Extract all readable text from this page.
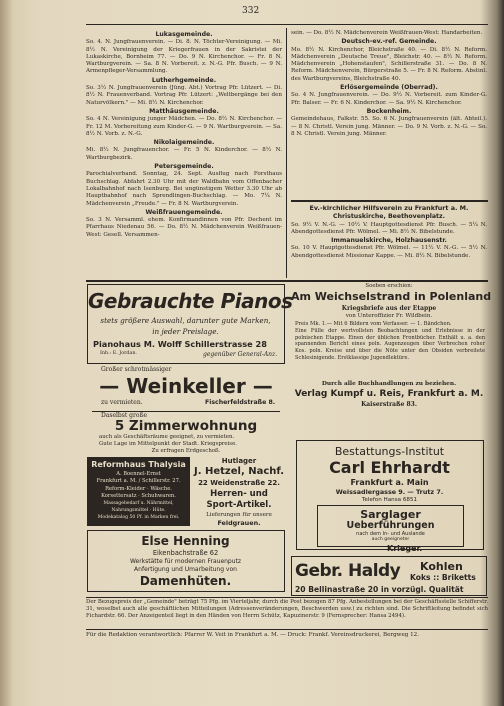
332
Lukasgemeinde.

So. 4. N. Jungfrauenverein. — Di. 8. N. Töchter-Vereinigung. — Mi. 8½ N. Vereinigung der Kriegerfrauen in der Sakristei der Lukaskirche, Bornheim 77. — Do. 9 N. Kirchenchor. — Fr. 8 N. Wartburgverein. — Sa. 8 N. Vorbereit. z. N.-G. Pfr. Busch. — 9 N. Armenpfleger-Versammlung.

Lutherhgemeinde.

So. 3½ N. Jungfrauenverein (Jüng. Abt.) Vortrag Pfr. Lützert. — Di. 8½ N. Frauenverband. Vortrag Pfr. Lützert: „Weltbergänge bei den Naturvölkern." — Mi. 8½ N. Kirchenchor.

Matthäusgemeinde.

So. 4 N. Vereinigung junger Mädchen. — Do. 8½ N. Kirchenchor. — Fr. 12 M. Vorbereitung zum Kinder-G. — 9 N. Wartburgverein. — Sa. 8½ N. Vorb. z. N.-G.

Nikolaigemeinde.

Mi. 8½ N. Jungfrauenchor. — Fr. 5 N. Kinderchor. — 8½ N. Wartburgbezirk.

Petersgemeinde.

Parochialverband. Sonntag, 24. Sept. Ausflug nach Forsthaus Buchschlag. Abfahrt 2.30 Uhr mit der Waldbahn vom Offenbacher Lokalbahnhof nach Isenburg. Bei ungünstigem Wetter 3.30 Uhr ab Hauptbahnhof nach Sprendlingen-Buchschlag. — Mo. 7¼ N. Mädchenverein „Freude." — Fr. 8 N. Wartburgverein.

Weißfrauengemeinde.

So. 3 N. Versamml. ehem. Konfirmandinnen von Pfr. Dechent im Pfarrhaus Niedenau 56. — Do. 8½ N. Mädchenverein Weißfrauen-West: Gesell. Versammen-

sein. — Do. 8½ N. Mädchenverein Weißfrauen-West: Handarbeiten.

Deutsch-ev.-ref. Gemeinde.

Mo. 8½ N. Kirchenchor, Bleichstraße 40. — Di. 8½ N. Reform. Mädchenverein „Deutsche Treue", Bleichstr. 40. — 8½ N. Reform. Mädchenverein „Hohenstaufen", Schillerstraße 31. — Do. 8 N. Reform. Mädchenverein, Bürgerstraße 5. — Fr. 8 N. Reform. Abstinl. des Wartburgvereins, Bleichstraße 40.

Erlösergemeinde (Oberrad).

So. 4 N. Jungfrauenverein. — Do. 9½ N. Vorbereit. zum Kinder-G. Pfr. Balser. — Fr. 6 N. Kinderchor. — Sa. 9½ N. Kirchenchor.

Bockenheim.

Gemeindehaus, Falkstr. 55. So. 6 N. Jungfrauenverein (ält. Abteil.). — 8 N. Christl. Verein jung. Männer. — Do. 9 N. Vorb. z. N.-G. — So. 8 N. Christl. Verein jung. Männer.

Ev.-kirchlicher Hilfsverein zu Frankfurt a. M.
Christuskirche, Beethovenplatz.

So. 9½ V. N.-G. — 10½ V. Hauptgottesdienst Pfr. Busch. — 5¼ N. Abendgottesdienst Pfr. Wölmel. — Mi. 8½ N. Bibelstunde.

Immanuelskirche, Holzhausenstr.

So. 10 V. Hauptgottesdienst Pfr. Wölmel. — 11½ V. N.-G. — 5½ N. Abendgottesdienst Missionar Kappe. — Mi. 8½ N. Bibelstunde.

Gebrauchte Pianos
stets größere Auswahl, darunter gute Marken,
in jeder Preislage.
Pianohaus M. Wolff Schillerstrasse 28
Inh.: E. Jordan.	gegenüber General-Anz.
Großer schrotmässiger
— Weinkeller —
zu vermieten.	Fischerfeldstraße 8.
Daselbst große
5 Zimmerwohnung
auch als Geschäftsräume geeignet, zu vermieten.
Gute Lage im Mittelpunkt der Stadt. Kriegspreise.
Zu erfragen Erdgeschoß.
Reformhaus Thalysia
A. Boennel-Ernst
Frankfurt a. M. / Schillerstr. 27.
Reform-Kleider · Wäsche.
Korsettersatz · Schuhwaren.
Massagebedarf u. Nährmittel,
Nahrungsmittel · Hüte.
Modekatalog 50 Pf. in Marken frei.
Hutlager
J. Hetzel, Nachf.
22 Weidenstraße 22.
Herren- und
Sport-Artikel.
Lieferungen für unsere
Feldgrauen.
Else Henning
Eikenbachstraße 62
Werkstätte für modernen Frauenputz
Anfertigung und Umarbeitung von
Damenhüten.
Soeben erschien:
Am Weichselstrand in Polenland
Kriegsbriefe aus der Etappe
von Unteroffizier Fr. Wildbein.
Preis Mk. 1.— Mit 6 Bildern vom Verfasser. — 1. Bändchen.
Eine Fülle der wertvollsten Beobachtungen und Erlebnisse in der polnischen Etappe. Einen der üblichen Frontbücher. Enthält u. a. den spannenden Bericht eines poln. Augenzeugen über Verbrechen roher Kos. poln. Kreise und über die Nöte unter den Obsiden verbreitete Schlesinigende. Erstklassige Jugendlektüre.
Durch alle Buchhandlungen zu beziehen.
Verlag Kumpf u. Reis, Frankfurt a. M.
Kaiserstraße 83.
Bestattungs-Institut
Carl Ehrhardt
Frankfurt a. Main
Weissadlergasse 9. — Trutz 7.
Telefon Hansa 6851
Sarglager
Ueberführungen
nach dem In- und Auslande
auch geeigneter
Krieger.
Gebr. Haldy Kohlen
Koks :: Briketts
20 Bellinastraße 20 in vorzügl. Qualität
Der Bezugspreis der „Gemeinde" beträgt 75 Pfg. im Vierteljahr, durch die Post bezogen 87 Pfg. Anbestellungen bei der Geschäftsstelle Schifferstr. 31, woselbst auch alle geschäftlichen Mitteilungen (Adressenveränderungen, Beschwerden usw.) zu richten sind. Die Schriftleitung befindet sich Fichardstr. 66. Der Anzeigenteil liegt in den Händen von Herrn Schütz, Kapuzinerstr. 9 (Fernsprecher: Hansa 2494).
Für die Redaktion verantwortlich: Pfarrer W. Veit in Frankfurt a. M. — Druck: Frankf. Vereinsdruckerei, Bergweg 12.
